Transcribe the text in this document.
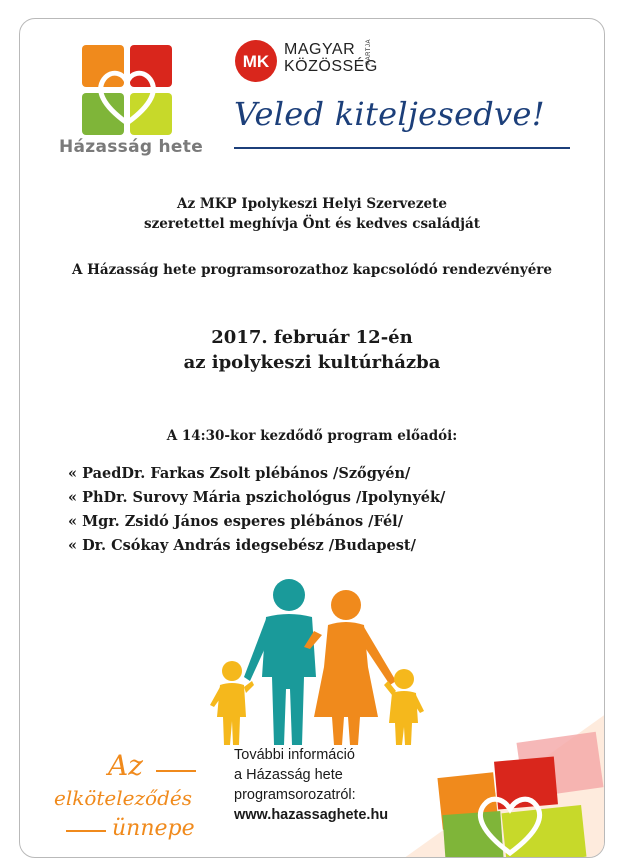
Házasság hete
MK
MAGYAR
KÖZÖSSÉG
PÁRTJA
Veled kiteljesedve!
Az MKP Ipolykeszi Helyi Szervezete
szeretettel meghívja Önt és kedves családját
A Házasság hete programsorozathoz kapcsolódó rendezvényére
2017. február 12-én
az ipolykeszi kultúrházba
A 14:30-kor kezdődő program előadói:
« PaedDr. Farkas Zsolt plébános /Szőgyén/
« PhDr. Surovy Mária pszichológus /Ipolynyék/
« Mgr. Zsidó János esperes plébános /Fél/
« Dr. Csókay András idegsebész /Budapest/
Az
elköteleződés
ünnepe
További információ
a Házasság hete
programsorozatról:
www.hazassaghete.hu
